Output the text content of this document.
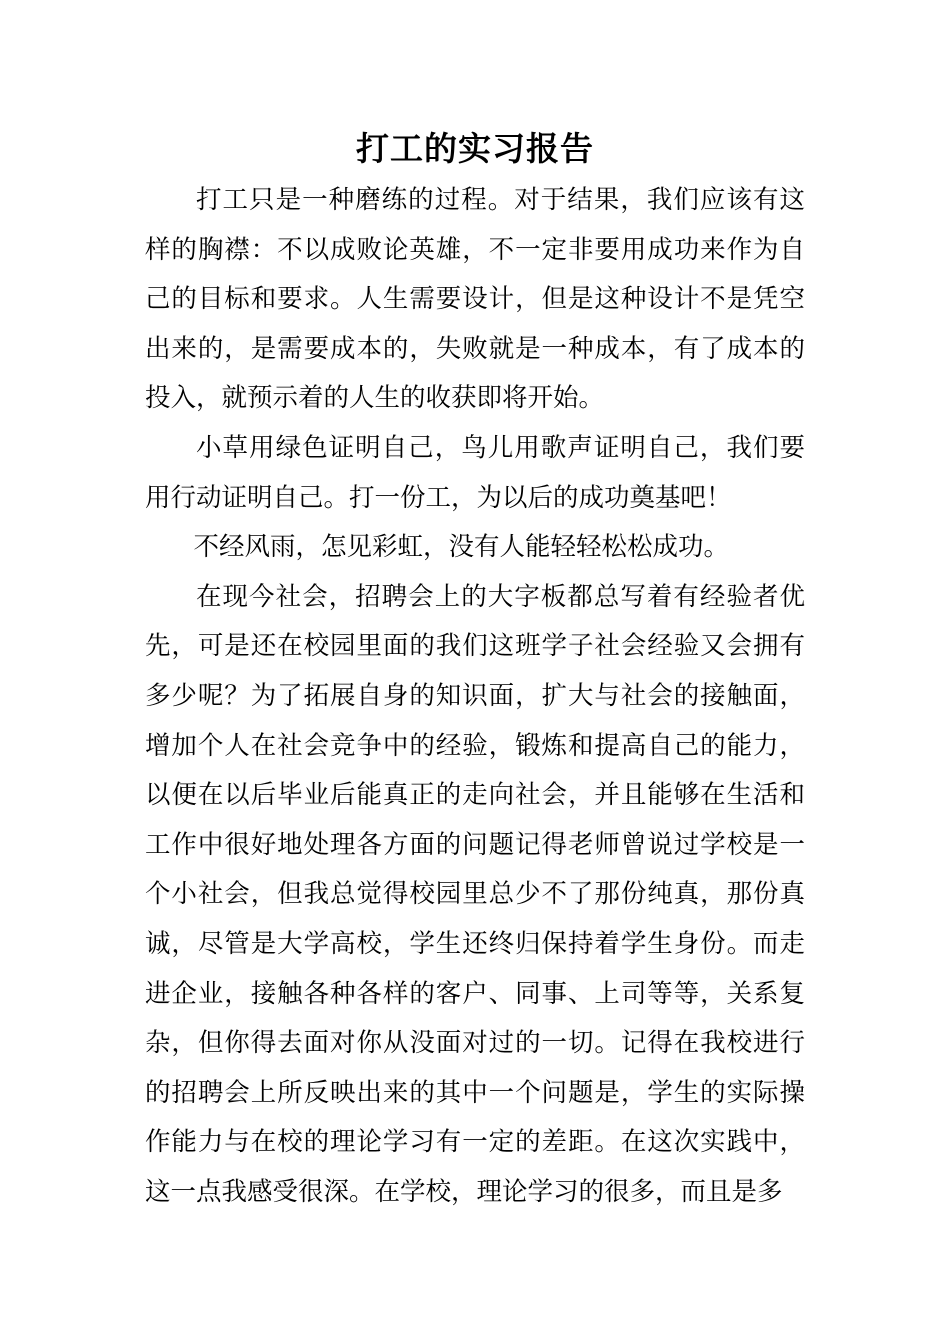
打工的实习报告

打工只是一种磨练的过程。对于结果，我们应该有这样的胸襟：不以成败论英雄，不一定非要用成功来作为自己的目标和要求。人生需要设计，但是这种设计不是凭空出来的，是需要成本的，失败就是一种成本，有了成本的投入，就预示着的人生的收获即将开始。

小草用绿色证明自己，鸟儿用歌声证明自己，我们要用行动证明自己。打一份工，为以后的成功奠基吧！

不经风雨，怎见彩虹，没有人能轻轻松松成功。

在现今社会，招聘会上的大字板都总写着有经验者优先，可是还在校园里面的我们这班学子社会经验又会拥有多少呢？为了拓展自身的知识面，扩大与社会的接触面，增加个人在社会竞争中的经验，锻炼和提高自己的能力，以便在以后毕业后能真正的走向社会，并且能够在生活和工作中很好地处理各方面的问题记得老师曾说过学校是一个小社会，但我总觉得校园里总少不了那份纯真，那份真诚，尽管是大学高校，学生还终归保持着学生身份。而走进企业，接触各种各样的客户、同事、上司等等，关系复杂，但你得去面对你从没面对过的一切。记得在我校进行的招聘会上所反映出来的其中一个问题是，学生的实际操作能力与在校的理论学习有一定的差距。在这次实践中，这一点我感受很深。在学校，理论学习的很多，而且是多
